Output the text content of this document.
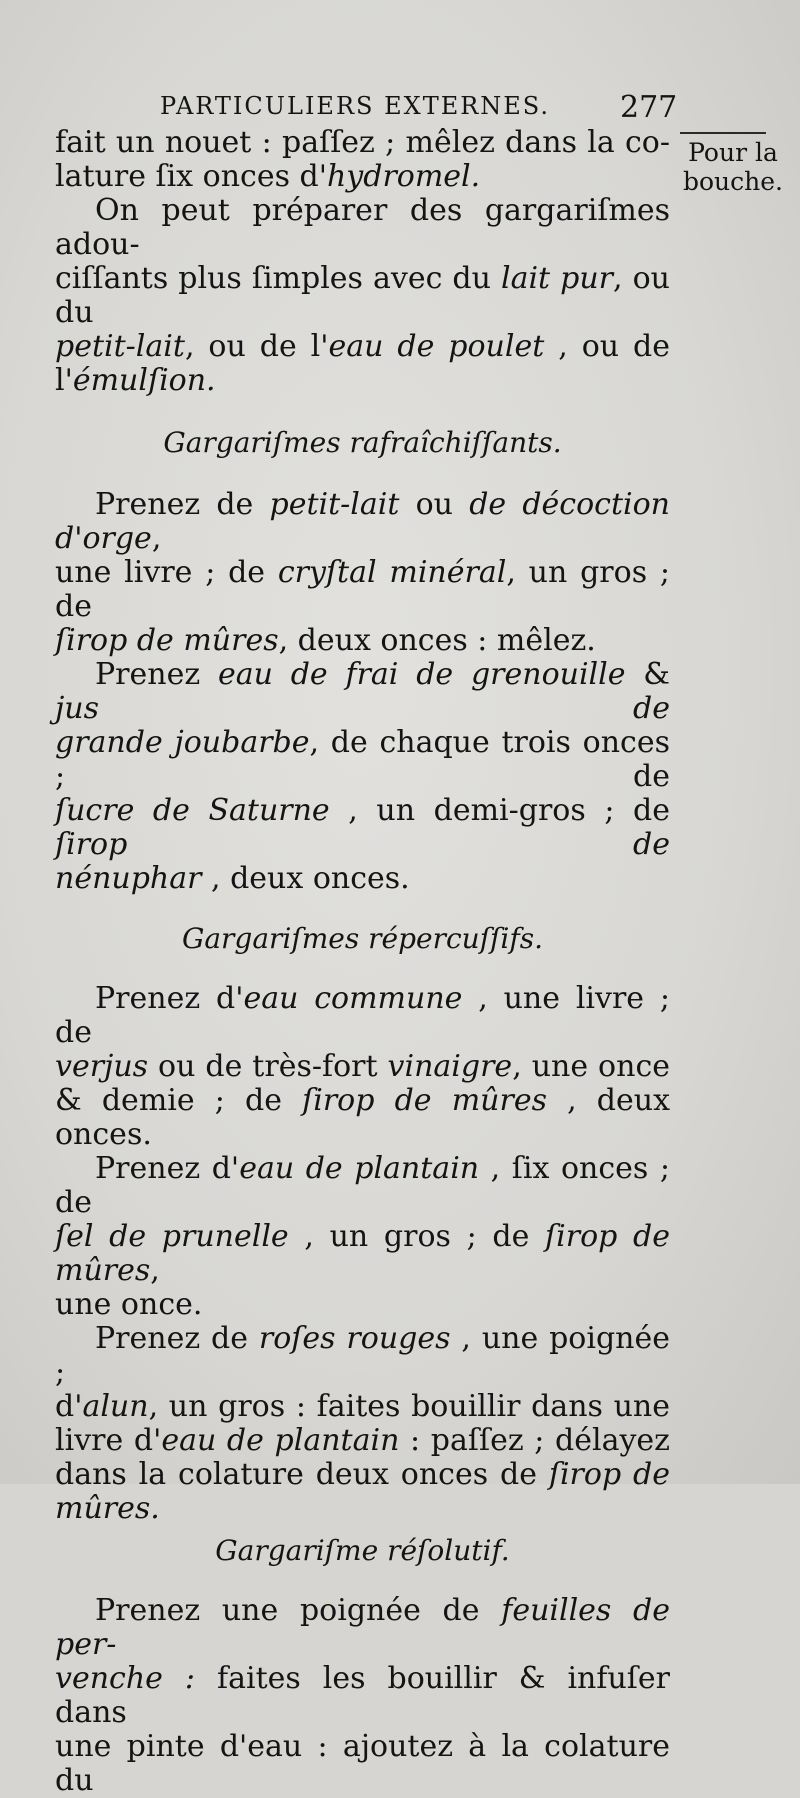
PARTICULIERS EXTERNES. 277
Pour la
bouche.

fait un nouet : paſſez ; mêlez dans la co-

lature ſix onces d'hydromel.

On peut préparer des gargariſmes adou-

ciſſants plus ſimples avec du lait pur, ou du

petit-lait, ou de l'eau de poulet , ou de

l'émulſion.

Gargariſmes rafraîchiſſants.

Prenez de petit-lait ou de décoction d'orge,

une livre ; de cryſtal minéral, un gros ; de

ſirop de mûres, deux onces : mêlez.

Prenez eau de frai de grenouille & jus de

grande joubarbe, de chaque trois onces ; de

ſucre de Saturne , un demi-gros ; de ſirop de

nénuphar , deux onces.

Gargariſmes répercuſſifs.

Prenez d'eau commune , une livre ; de

verjus ou de très-fort vinaigre, une once

& demie ; de ſirop de mûres , deux onces.

Prenez d'eau de plantain , ſix onces ; de

ſel de prunelle , un gros ; de ſirop de mûres,

une once.

Prenez de roſes rouges , une poignée ;

d'alun, un gros : faites bouillir dans une

livre d'eau de plantain : paſſez ; délayez

dans la colature deux onces de ſirop de

mûres.

Gargariſme réſolutif.

Prenez une poignée de feuilles de per-

venche : faites les bouillir & infuſer dans

une pinte d'eau : ajoutez à la colature du
